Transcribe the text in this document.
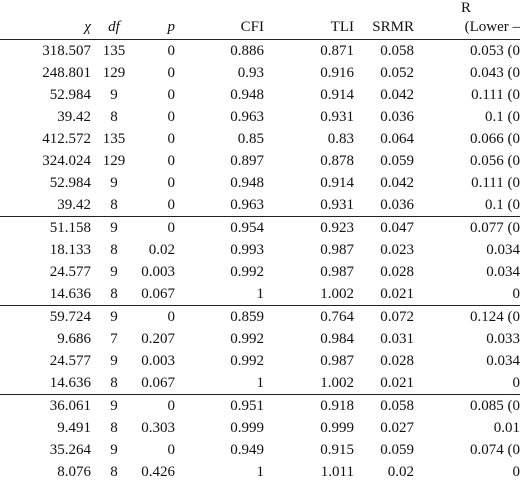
R
χ	df	p	CFI	TLI	SRMR	(Lower –
318.507	135	0	0.886	0.871	0.058	0.053 (0
248.801	129	0	0.93	0.916	0.052	0.043 (0
52.984	9	0	0.948	0.914	0.042	0.111 (0
39.42	8	0	0.963	0.931	0.036	0.1 (0
412.572	135	0	0.85	0.83	0.064	0.066 (0
324.024	129	0	0.897	0.878	0.059	0.056 (0
52.984	9	0	0.948	0.914	0.042	0.111 (0
39.42	8	0	0.963	0.931	0.036	0.1 (0
51.158	9	0	0.954	0.923	0.047	0.077 (0
18.133	8	0.02	0.993	0.987	0.023	0.034
24.577	9	0.003	0.992	0.987	0.028	0.034
14.636	8	0.067	1	1.002	0.021	0
59.724	9	0	0.859	0.764	0.072	0.124 (0
9.686	7	0.207	0.992	0.984	0.031	0.033
24.577	9	0.003	0.992	0.987	0.028	0.034
14.636	8	0.067	1	1.002	0.021	0
36.061	9	0	0.951	0.918	0.058	0.085 (0
9.491	8	0.303	0.999	0.999	0.027	0.01
35.264	9	0	0.949	0.915	0.059	0.074 (0
8.076	8	0.426	1	1.011	0.02	0
